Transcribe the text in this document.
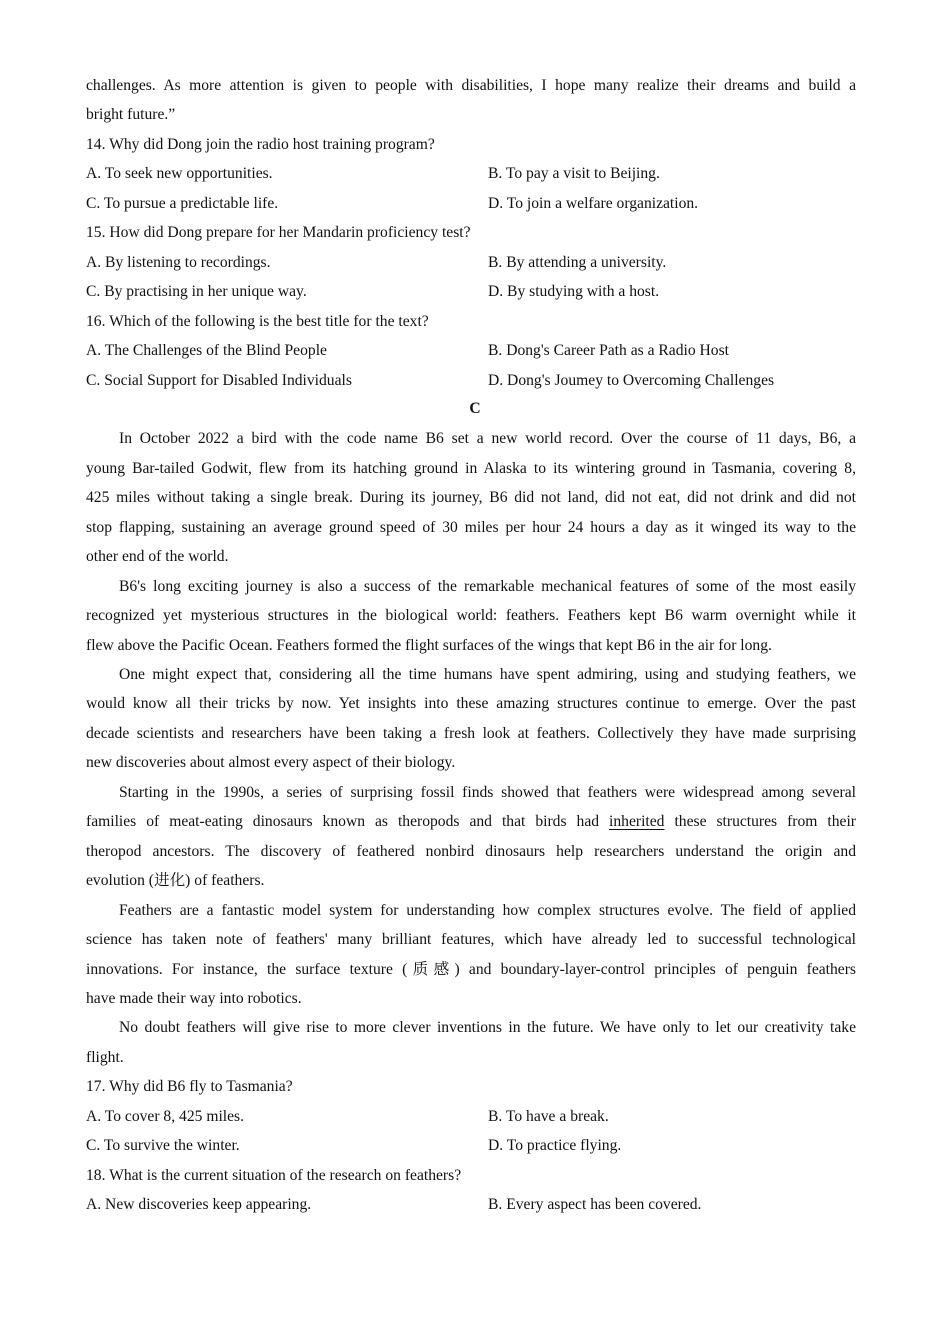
challenges. As more attention is given to people with disabilities, I hope many realize their dreams and build a
bright future.”
14. Why did Dong join the radio host training program?
A. To seek new opportunities.	B. To pay a visit to Beijing.
C. To pursue a predictable life.	D. To join a welfare organization.
15. How did Dong prepare for her Mandarin proficiency test?
A. By listening to recordings.	B. By attending a university.
C. By practising in her unique way.	D. By studying with a host.
16. Which of the following is the best title for the text?
A. The Challenges of the Blind People	B. Dong's Career Path as a Radio Host
C. Social Support for Disabled Individuals	D. Dong's Joumey to Overcoming Challenges
C
In October 2022 a bird with the code name B6 set a new world record. Over the course of 11 days, B6, a
young Bar-tailed Godwit, flew from its hatching ground in Alaska to its wintering ground in Tasmania, covering 8,
425 miles without taking a single break. During its journey, B6 did not land, did not eat, did not drink and did not
stop flapping, sustaining an average ground speed of 30 miles per hour 24 hours a day as it winged its way to the
other end of the world.
B6's long exciting journey is also a success of the remarkable mechanical features of some of the most easily
recognized yet mysterious structures in the biological world: feathers. Feathers kept B6 warm overnight while it
flew above the Pacific Ocean. Feathers formed the flight surfaces of the wings that kept B6 in the air for long.
One might expect that, considering all the time humans have spent admiring, using and studying feathers, we
would know all their tricks by now. Yet insights into these amazing structures continue to emerge. Over the past
decade scientists and researchers have been taking a fresh look at feathers. Collectively they have made surprising
new discoveries about almost every aspect of their biology.
Starting in the 1990s, a series of surprising fossil finds showed that feathers were widespread among several
families of meat-eating dinosaurs known as theropods and that birds had inherited these structures from their
theropod ancestors. The discovery of feathered nonbird dinosaurs help researchers understand the origin and
evolution (进化) of feathers.
Feathers are a fantastic model system for understanding how complex structures evolve. The field of applied
science has taken note of feathers' many brilliant features, which have already led to successful technological
innovations. For instance, the surface texture (质感) and boundary-layer-control principles of penguin feathers
have made their way into robotics.
No doubt feathers will give rise to more clever inventions in the future. We have only to let our creativity take
flight.
17. Why did B6 fly to Tasmania?
A. To cover 8, 425 miles.	B. To have a break.
C. To survive the winter.	D. To practice flying.
18. What is the current situation of the research on feathers?
A. New discoveries keep appearing.	B. Every aspect has been covered.
